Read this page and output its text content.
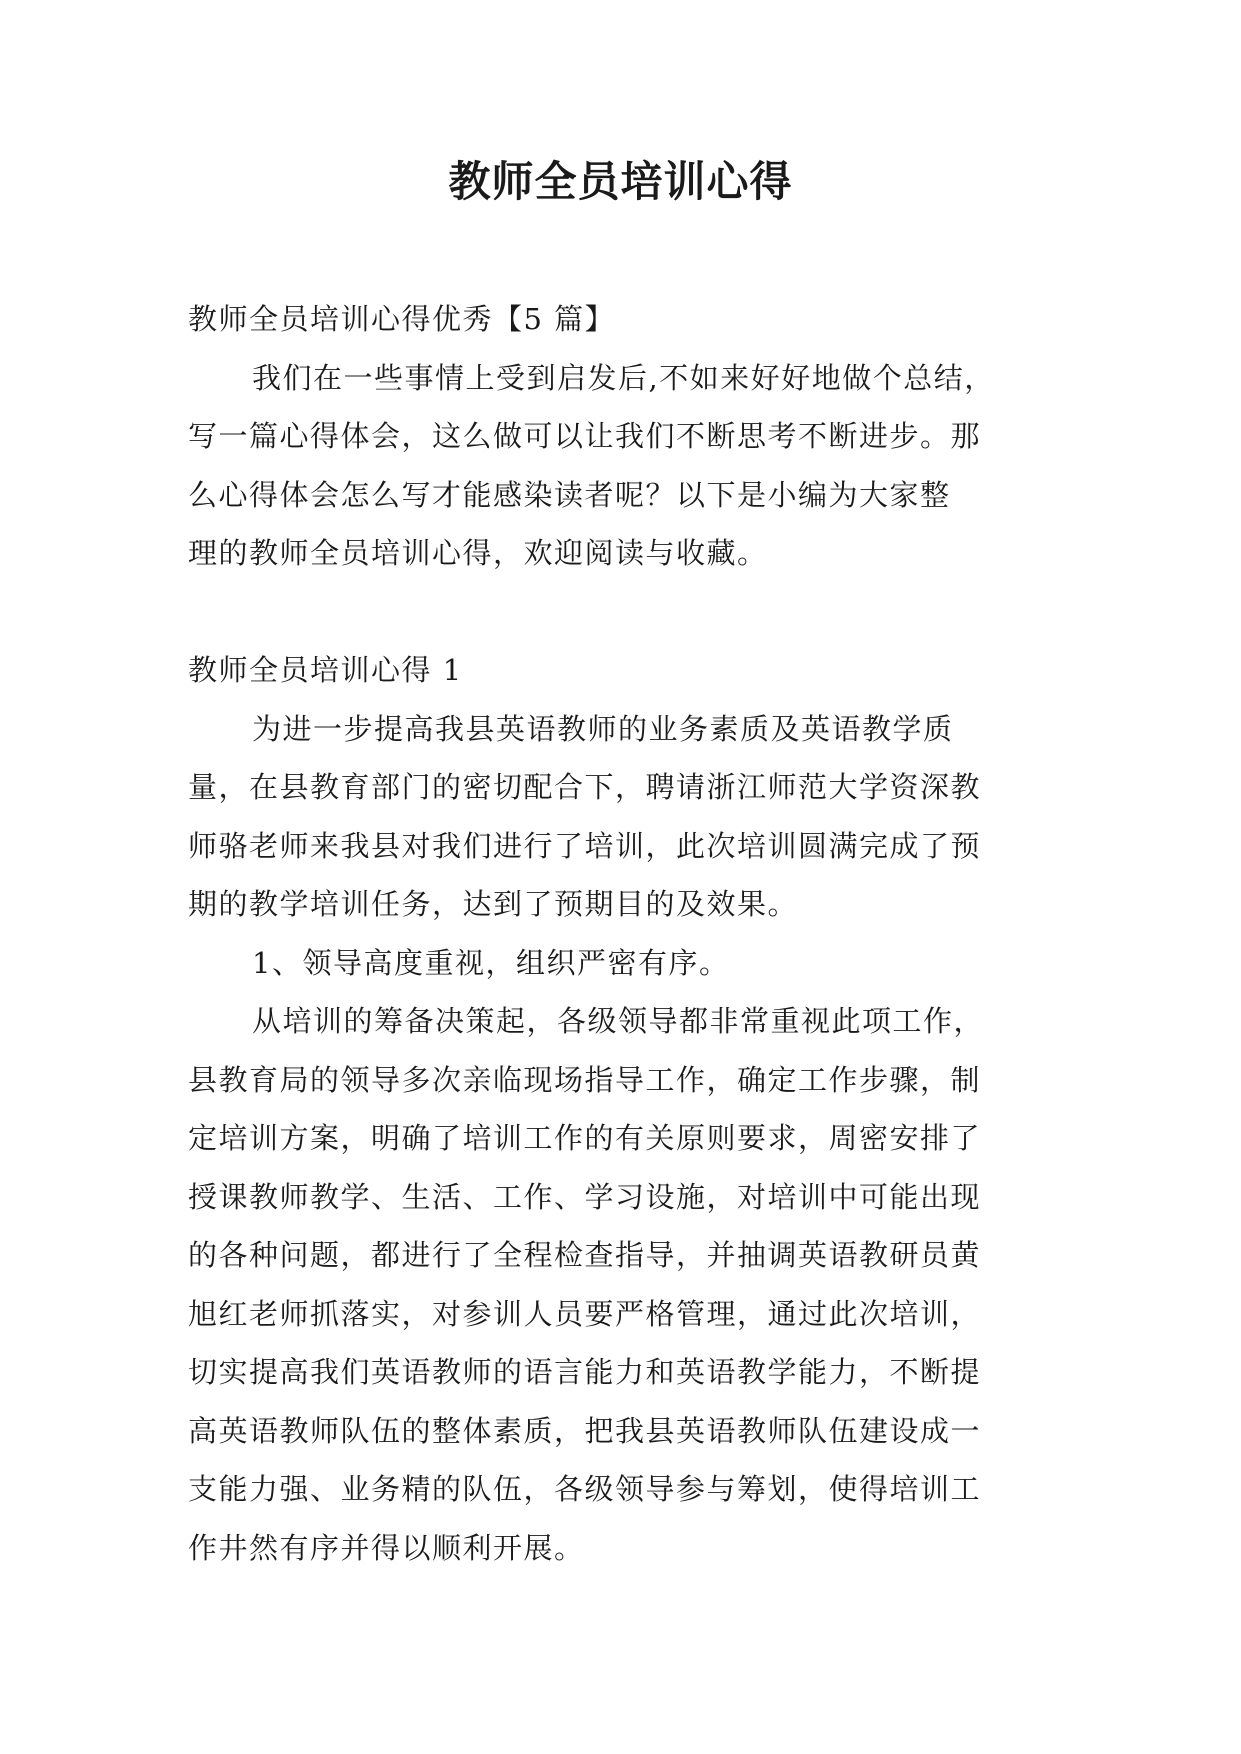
教师全员培训心得
教师全员培训心得优秀【5 篇】
我们在一些事情上受到启发后,不如来好好地做个总结，
写一篇心得体会，这么做可以让我们不断思考不断进步。那
么心得体会怎么写才能感染读者呢？以下是小编为大家整
理的教师全员培训心得，欢迎阅读与收藏。
教师全员培训心得 1
为进一步提高我县英语教师的业务素质及英语教学质
量，在县教育部门的密切配合下，聘请浙江师范大学资深教
师骆老师来我县对我们进行了培训，此次培训圆满完成了预
期的教学培训任务，达到了预期目的及效果。
1、领导高度重视，组织严密有序。
从培训的筹备决策起，各级领导都非常重视此项工作，
县教育局的领导多次亲临现场指导工作，确定工作步骤，制
定培训方案，明确了培训工作的有关原则要求，周密安排了
授课教师教学、生活、工作、学习设施，对培训中可能出现
的各种问题，都进行了全程检查指导，并抽调英语教研员黄
旭红老师抓落实，对参训人员要严格管理，通过此次培训，
切实提高我们英语教师的语言能力和英语教学能力，不断提
高英语教师队伍的整体素质，把我县英语教师队伍建设成一
支能力强、业务精的队伍，各级领导参与筹划，使得培训工
作井然有序并得以顺利开展。
